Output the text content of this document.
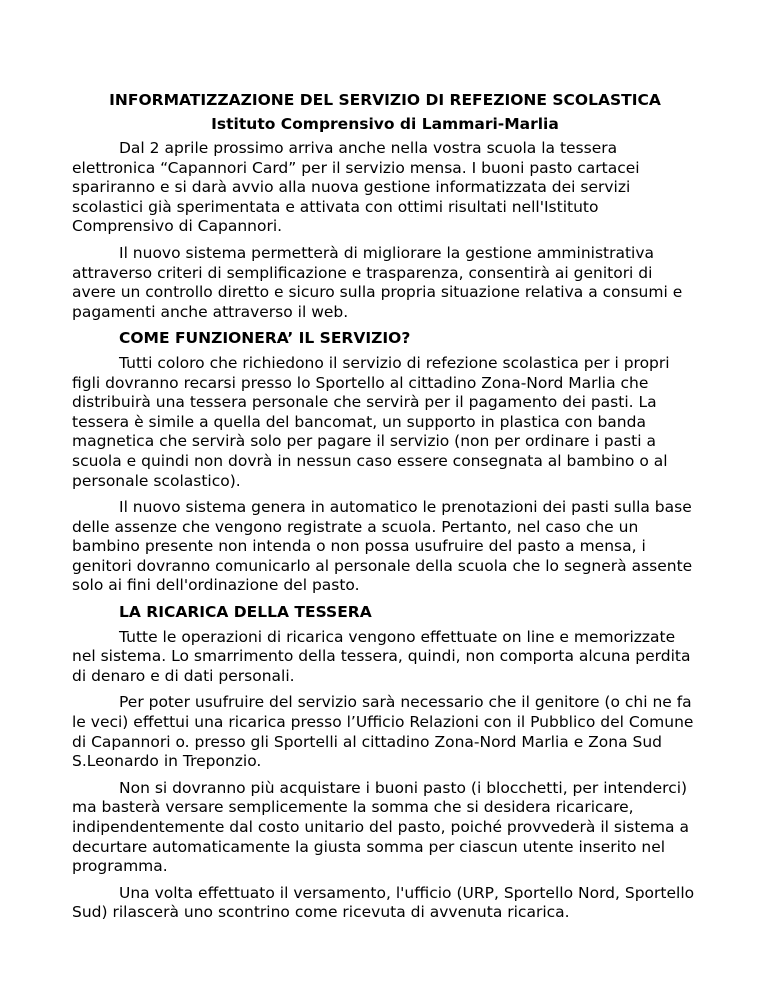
INFORMATIZZAZIONE DEL SERVIZIO DI REFEZIONE SCOLASTICA
Istituto Comprensivo di Lammari-Marlia

Dal 2 aprile prossimo arriva anche nella vostra scuola la tessera elettronica “Capannori Card” per il servizio mensa. I buoni pasto cartacei spariranno e si darà avvio alla nuova gestione informatizzata dei servizi scolastici già sperimentata e attivata con ottimi risultati nell'Istituto Comprensivo di Capannori.

Il nuovo sistema permetterà di migliorare la gestione amministrativa attraverso criteri di semplificazione e trasparenza, consentirà ai genitori di avere un controllo diretto e sicuro sulla propria situazione relativa a consumi e pagamenti anche attraverso il web.

COME FUNZIONERA’ IL SERVIZIO?

Tutti coloro che richiedono il servizio di refezione scolastica per i propri figli dovranno recarsi presso lo Sportello al cittadino Zona-Nord Marlia che distribuirà una tessera personale che servirà per il pagamento dei pasti. La tessera è simile a quella del bancomat, un supporto in plastica con banda magnetica che servirà solo per pagare il servizio (non per ordinare i pasti a scuola e quindi non dovrà in nessun caso essere consegnata al bambino o al personale scolastico).

Il nuovo sistema genera in automatico le prenotazioni dei pasti sulla base delle assenze che vengono registrate a scuola. Pertanto, nel caso che un bambino presente non intenda o non possa usufruire del pasto a mensa, i genitori dovranno comunicarlo al personale della scuola che lo segnerà assente solo ai fini dell'ordinazione del pasto.

LA RICARICA DELLA TESSERA

Tutte le operazioni di ricarica vengono effettuate on line e memorizzate nel sistema. Lo smarrimento della tessera, quindi, non comporta alcuna perdita di denaro e di dati personali.

Per poter usufruire del servizio sarà necessario che il genitore (o chi ne fa le veci) effettui una ricarica presso l’Ufficio Relazioni con il Pubblico del Comune di Capannori o. presso gli Sportelli al cittadino Zona-Nord Marlia e Zona Sud S.Leonardo in Treponzio.

Non si dovranno più acquistare i buoni pasto (i blocchetti, per intenderci) ma basterà versare semplicemente la somma che si desidera ricaricare, indipendentemente dal costo unitario del pasto, poiché provvederà il sistema a decurtare automaticamente la giusta somma per ciascun utente inserito nel programma.

Una volta effettuato il versamento, l'ufficio (URP, Sportello Nord, Sportello Sud) rilascerà uno scontrino come ricevuta di avvenuta ricarica.
